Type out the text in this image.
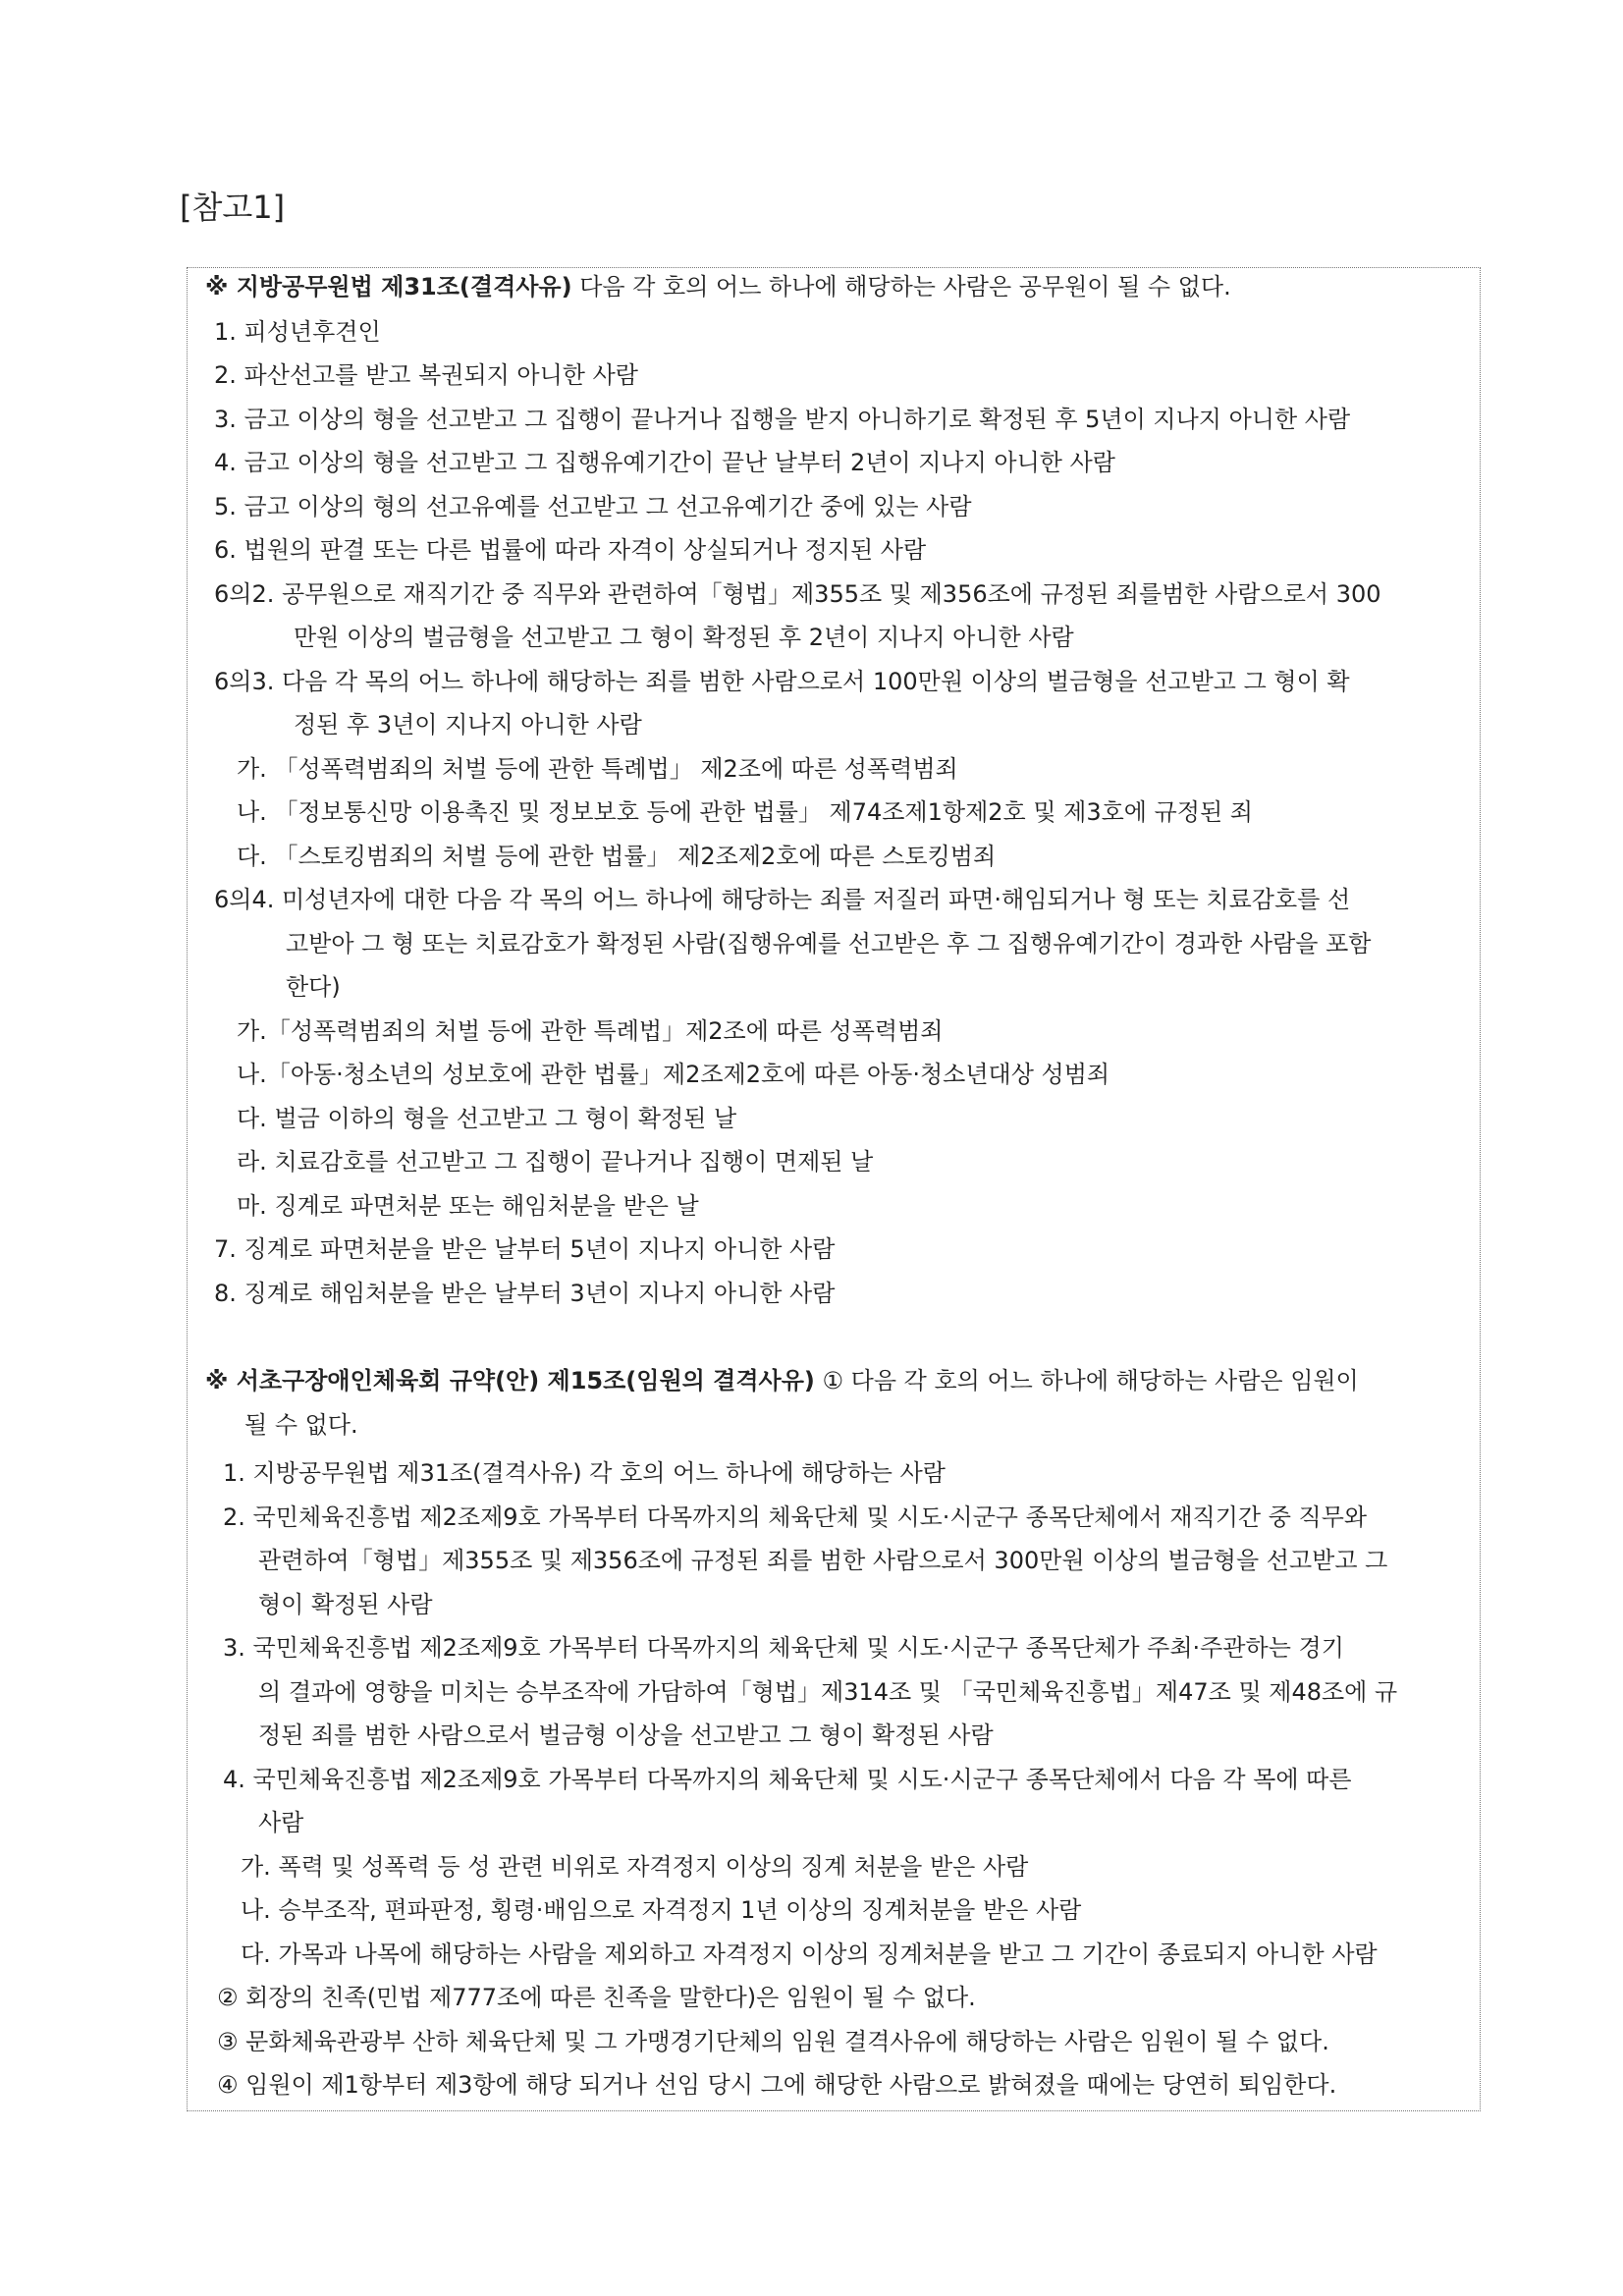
[참고1]
※ 지방공무원법 제31조(결격사유) 다음 각 호의 어느 하나에 해당하는 사람은 공무원이 될 수 없다.
1. 피성년후견인
2. 파산선고를 받고 복권되지 아니한 사람
3. 금고 이상의 형을 선고받고 그 집행이 끝나거나 집행을 받지 아니하기로 확정된 후 5년이 지나지 아니한 사람
4. 금고 이상의 형을 선고받고 그 집행유예기간이 끝난 날부터 2년이 지나지 아니한 사람
5. 금고 이상의 형의 선고유예를 선고받고 그 선고유예기간 중에 있는 사람
6. 법원의 판결 또는 다른 법률에 따라 자격이 상실되거나 정지된 사람
6의2. 공무원으로 재직기간 중 직무와 관련하여「형법」제355조 및 제356조에 규정된 죄를범한 사람으로서 300
만원 이상의 벌금형을 선고받고 그 형이 확정된 후 2년이 지나지 아니한 사람
6의3. 다음 각 목의 어느 하나에 해당하는 죄를 범한 사람으로서 100만원 이상의 벌금형을 선고받고 그 형이 확
정된 후 3년이 지나지 아니한 사람
가. 「성폭력범죄의 처벌 등에 관한 특례법」 제2조에 따른 성폭력범죄
나. 「정보통신망 이용촉진 및 정보보호 등에 관한 법률」 제74조제1항제2호 및 제3호에 규정된 죄
다. 「스토킹범죄의 처벌 등에 관한 법률」 제2조제2호에 따른 스토킹범죄
6의4. 미성년자에 대한 다음 각 목의 어느 하나에 해당하는 죄를 저질러 파면·해임되거나 형 또는 치료감호를 선
고받아 그 형 또는 치료감호가 확정된 사람(집행유예를 선고받은 후 그 집행유예기간이 경과한 사람을 포함
한다)
가.「성폭력범죄의 처벌 등에 관한 특례법」제2조에 따른 성폭력범죄
나.「아동·청소년의 성보호에 관한 법률」제2조제2호에 따른 아동·청소년대상 성범죄
다. 벌금 이하의 형을 선고받고 그 형이 확정된 날
라. 치료감호를 선고받고 그 집행이 끝나거나 집행이 면제된 날
마. 징계로 파면처분 또는 해임처분을 받은 날
7. 징계로 파면처분을 받은 날부터 5년이 지나지 아니한 사람
8. 징계로 해임처분을 받은 날부터 3년이 지나지 아니한 사람
※ 서초구장애인체육회 규약(안) 제15조(임원의 결격사유) ① 다음 각 호의 어느 하나에 해당하는 사람은 임원이
될 수 없다.
1. 지방공무원법 제31조(결격사유) 각 호의 어느 하나에 해당하는 사람
2. 국민체육진흥법 제2조제9호 가목부터 다목까지의 체육단체 및 시도·시군구 종목단체에서 재직기간 중 직무와
관련하여「형법」제355조 및 제356조에 규정된 죄를 범한 사람으로서 300만원 이상의 벌금형을 선고받고 그
형이 확정된 사람
3. 국민체육진흥법 제2조제9호 가목부터 다목까지의 체육단체 및 시도·시군구 종목단체가 주최·주관하는 경기
의 결과에 영향을 미치는 승부조작에 가담하여「형법」제314조 및 「국민체육진흥법」제47조 및 제48조에 규
정된 죄를 범한 사람으로서 벌금형 이상을 선고받고 그 형이 확정된 사람
4. 국민체육진흥법 제2조제9호 가목부터 다목까지의 체육단체 및 시도·시군구 종목단체에서 다음 각 목에 따른
사람
가. 폭력 및 성폭력 등 성 관련 비위로 자격정지 이상의 징계 처분을 받은 사람
나. 승부조작, 편파판정, 횡령·배임으로 자격정지 1년 이상의 징계처분을 받은 사람
다. 가목과 나목에 해당하는 사람을 제외하고 자격정지 이상의 징계처분을 받고 그 기간이 종료되지 아니한 사람
② 회장의 친족(민법 제777조에 따른 친족을 말한다)은 임원이 될 수 없다.
③ 문화체육관광부 산하 체육단체 및 그 가맹경기단체의 임원 결격사유에 해당하는 사람은 임원이 될 수 없다.
④ 임원이 제1항부터 제3항에 해당 되거나 선임 당시 그에 해당한 사람으로 밝혀졌을 때에는 당연히 퇴임한다.
